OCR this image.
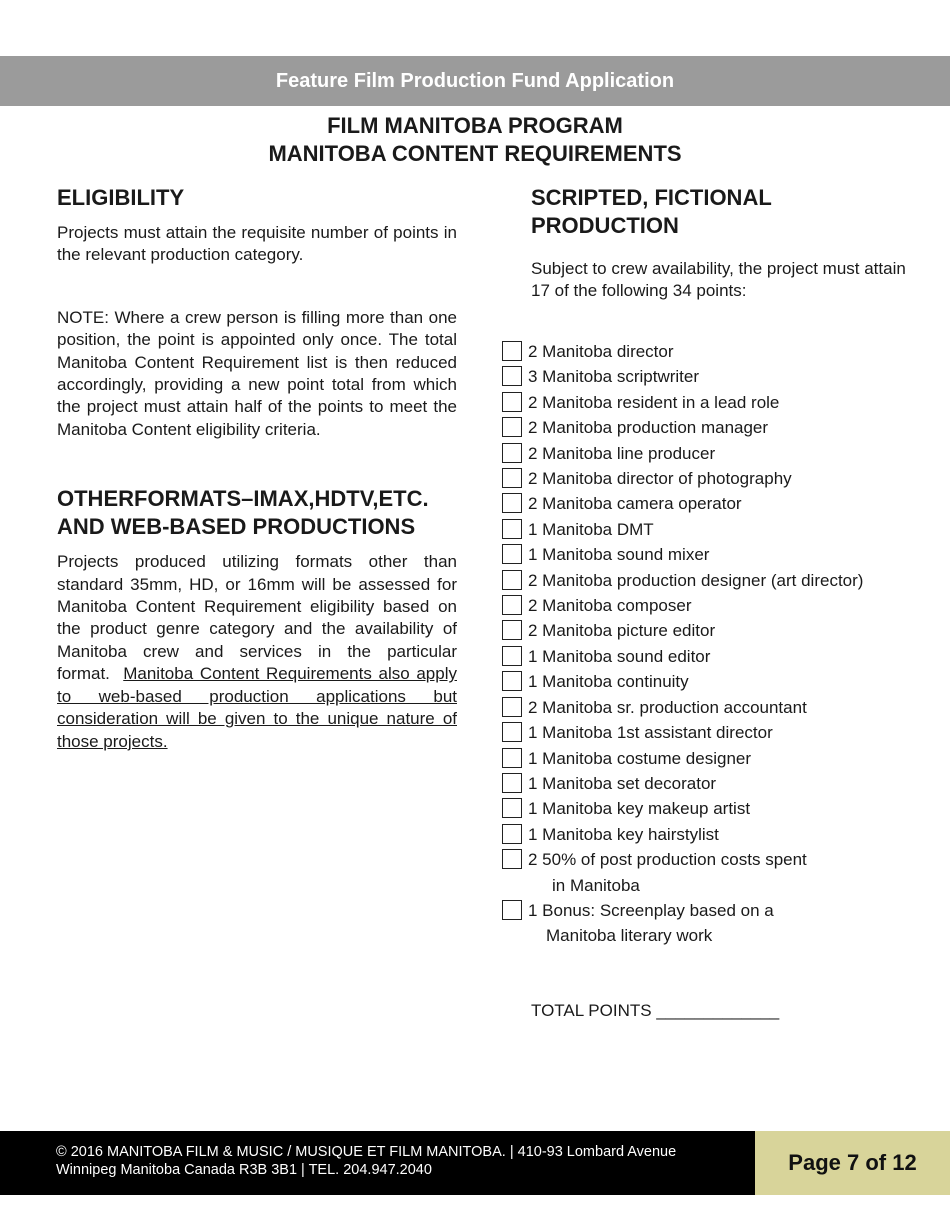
Feature Film Production Fund Application
FILM MANITOBA PROGRAM
MANITOBA CONTENT REQUIREMENTS
ELIGIBILITY

Projects must attain the requisite number of points in the relevant production category.

NOTE: Where a crew person is filling more than one position, the point is appointed only once. The total Manitoba Content Requirement list is then reduced accordingly, providing a new point total from which the project must attain half of the points to meet the Manitoba Content eligibility criteria.

OTHERFORMATS–IMAX,HDTV,ETC.
AND WEB-BASED PRODUCTIONS

Projects produced utilizing formats other than standard 35mm, HD, or 16mm will be assessed for Manitoba Content Requirement eligibility based on the product genre category and the availability of Manitoba crew and services in the particular format. Manitoba Content Requirements also apply to web-based production applications but consideration will be given to the unique nature of those projects.

SCRIPTED, FICTIONAL
PRODUCTION

Subject to crew availability, the project must attain 17 of the following 34 points:

2 Manitoba director
3 Manitoba scriptwriter
2 Manitoba resident in a lead role
2 Manitoba production manager
2 Manitoba line producer
2 Manitoba director of photography
2 Manitoba camera operator
1 Manitoba DMT
1 Manitoba sound mixer
2 Manitoba production designer (art director)
2 Manitoba composer
2 Manitoba picture editor
1 Manitoba sound editor
1 Manitoba continuity
2 Manitoba sr. production accountant
1 Manitoba 1st assistant director
1 Manitoba costume designer
1 Manitoba set decorator
1 Manitoba key makeup artist
1 Manitoba key hairstylist
2 50% of post production costs spent
in Manitoba
1 Bonus: Screenplay based on a
Manitoba literary work
TOTAL POINTS _____________
© 2016 MANITOBA FILM & MUSIC / MUSIQUE ET FILM MANITOBA. | 410-93 Lombard Avenue
Winnipeg Manitoba Canada R3B 3B1 | TEL. 204.947.2040	Page 7 of 12
